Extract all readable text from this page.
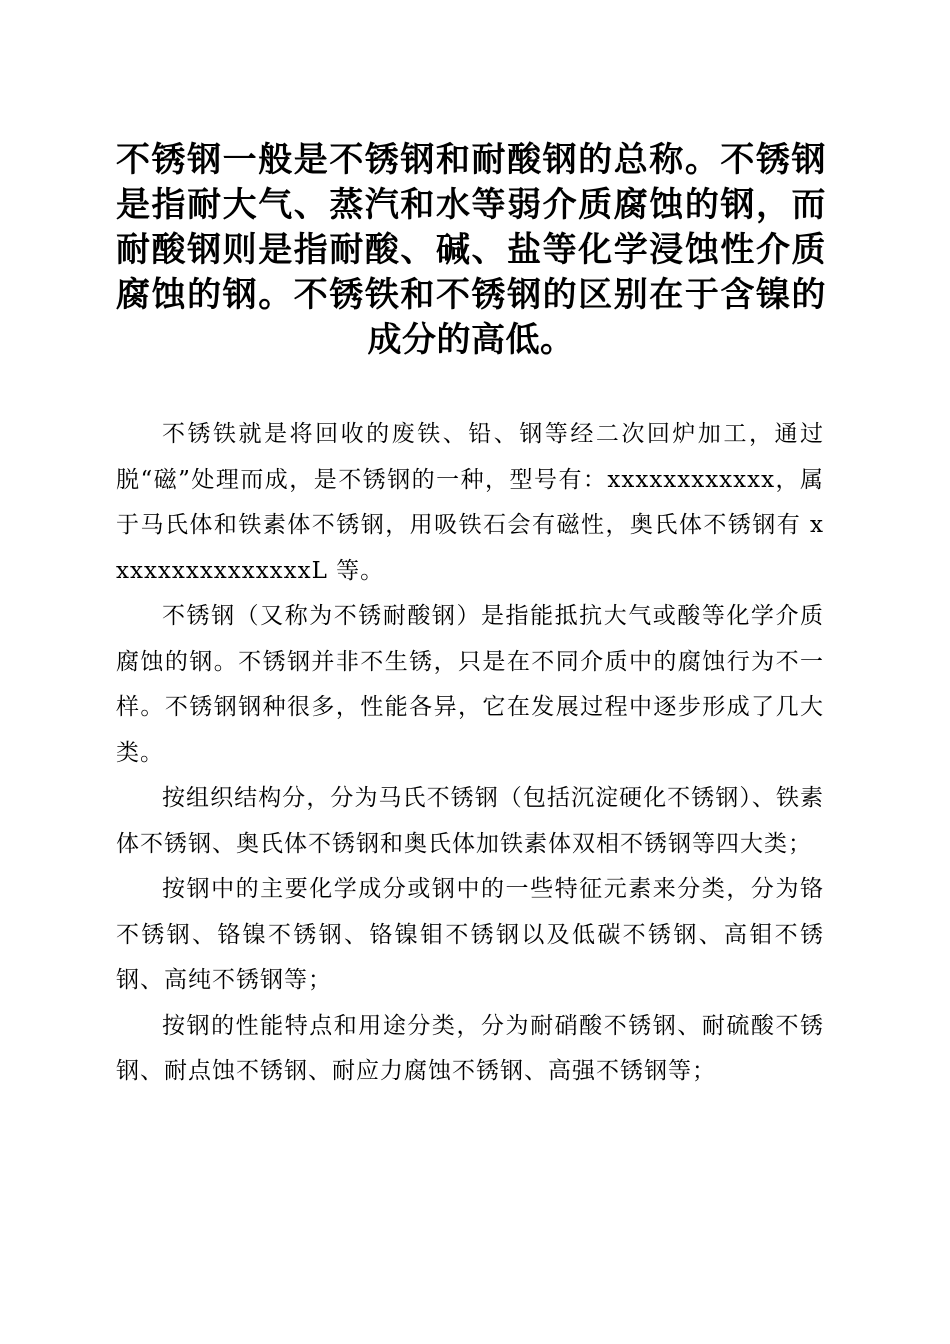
不锈钢一般是不锈钢和耐酸钢的总称。不锈钢是指耐大气、蒸汽和水等弱介质腐蚀的钢，而耐酸钢则是指耐酸、碱、盐等化学浸蚀性介质腐蚀的钢。不锈铁和不锈钢的区别在于含镍的成分的高低。

不锈铁就是将回收的废铁、铅、钢等经二次回炉加工，通过脱“磁”处理而成，是不锈钢的一种，型号有：xxxxxxxxxxxx，属于马氏体和铁素体不锈钢，用吸铁石会有磁性，奥氏体不锈钢有 xxxxxxxxxxxxxxxL 等。

不锈钢（又称为不锈耐酸钢）是指能抵抗大气或酸等化学介质腐蚀的钢。不锈钢并非不生锈，只是在不同介质中的腐蚀行为不一样。不锈钢钢种很多，性能各异，它在发展过程中逐步形成了几大类。

按组织结构分，分为马氏不锈钢（包括沉淀硬化不锈钢）、铁素体不锈钢、奥氏体不锈钢和奥氏体加铁素体双相不锈钢等四大类；

按钢中的主要化学成分或钢中的一些特征元素来分类，分为铬不锈钢、铬镍不锈钢、铬镍钼不锈钢以及低碳不锈钢、高钼不锈钢、高纯不锈钢等；

按钢的性能特点和用途分类，分为耐硝酸不锈钢、耐硫酸不锈钢、耐点蚀不锈钢、耐应力腐蚀不锈钢、高强不锈钢等；
